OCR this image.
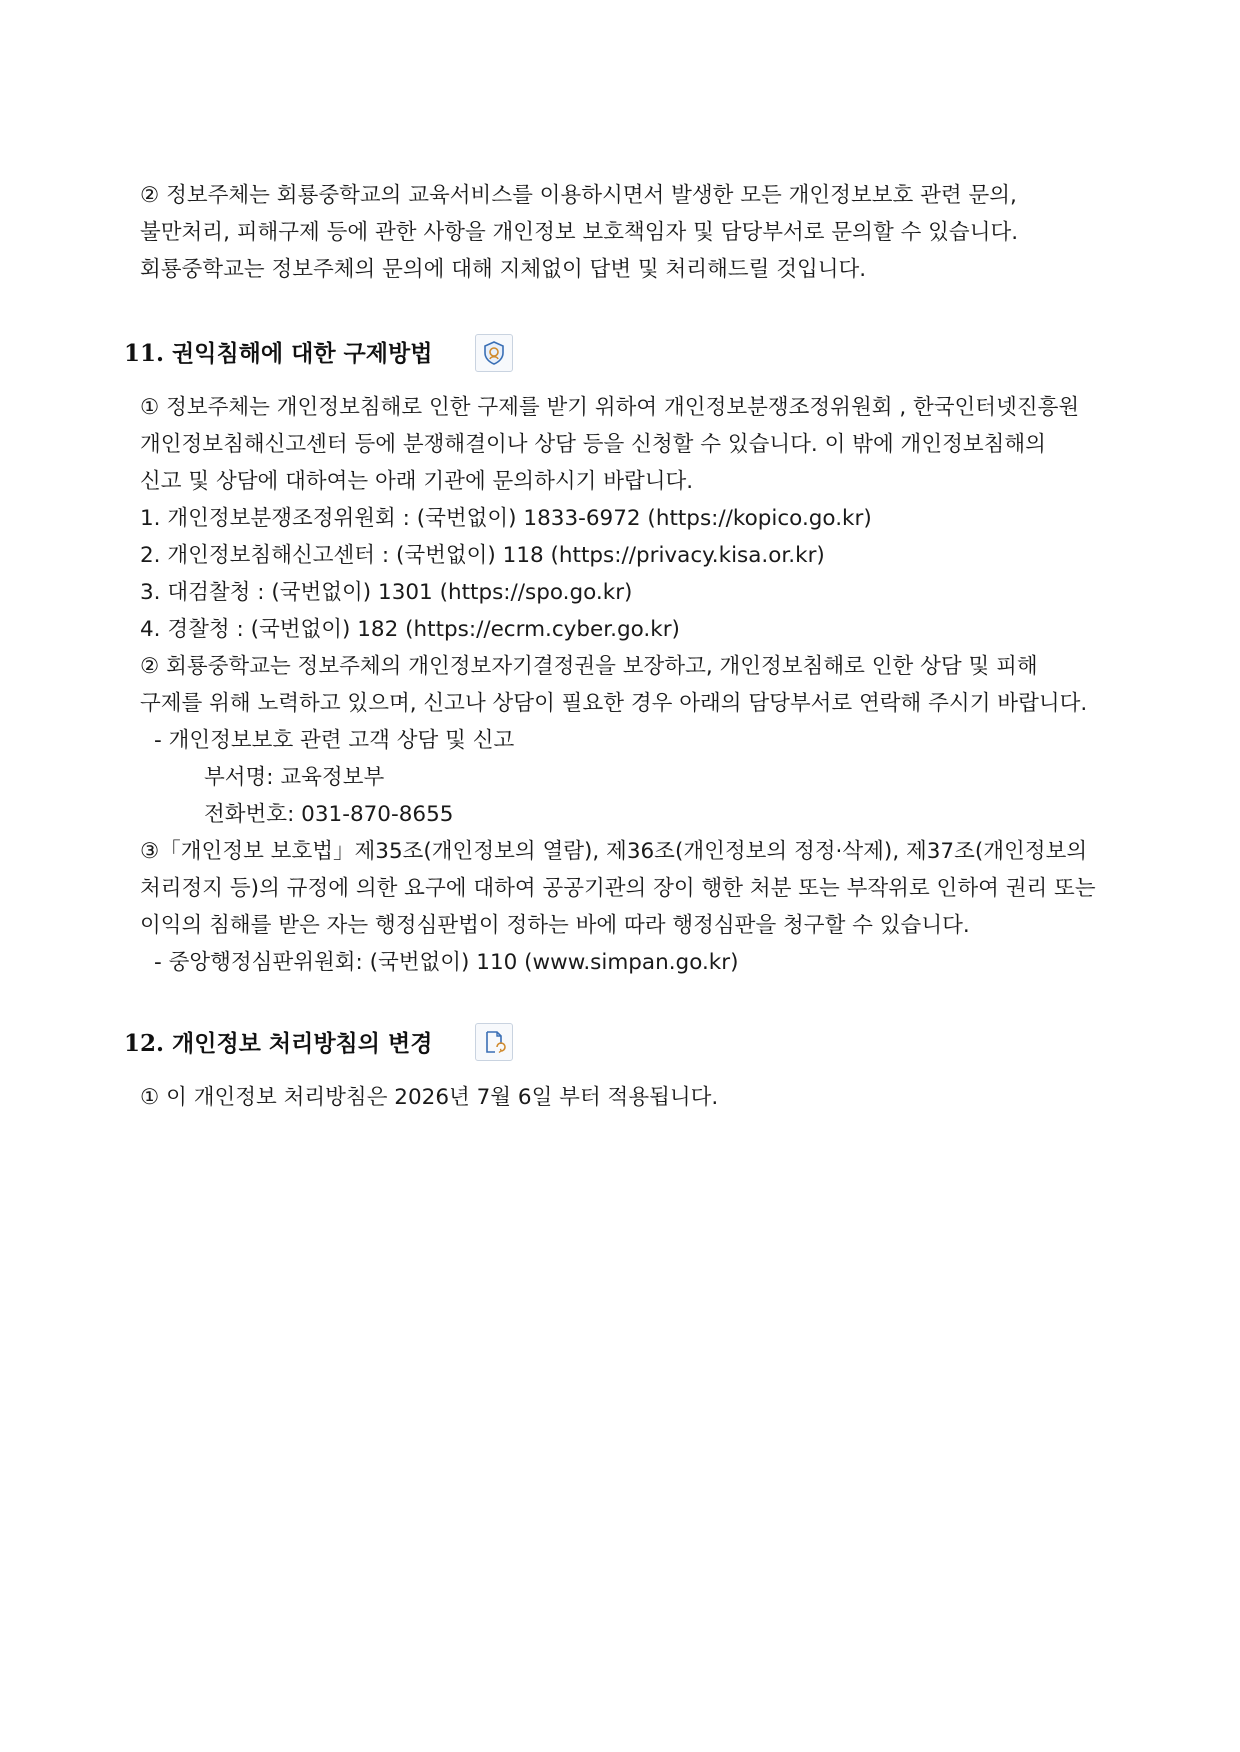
② 정보주체는 회룡중학교의 교육서비스를 이용하시면서 발생한 모든 개인정보보호 관련 문의,

불만처리, 피해구제 등에 관한 사항을 개인정보 보호책임자 및 담당부서로 문의할 수 있습니다.

회룡중학교는 정보주체의 문의에 대해 지체없이 답변 및 처리해드릴 것입니다.

11. 권익침해에 대한 구제방법

① 정보주체는 개인정보침해로 인한 구제를 받기 위하여 개인정보분쟁조정위원회 , 한국인터넷진흥원

개인정보침해신고센터 등에 분쟁해결이나 상담 등을 신청할 수 있습니다. 이 밖에 개인정보침해의

신고 및 상담에 대하여는 아래 기관에 문의하시기 바랍니다.

1. 개인정보분쟁조정위원회 : (국번없이) 1833-6972 (https://kopico.go.kr)

2. 개인정보침해신고센터 : (국번없이) 118 (https://privacy.kisa.or.kr)

3. 대검찰청 : (국번없이) 1301 (https://spo.go.kr)

4. 경찰청 : (국번없이) 182 (https://ecrm.cyber.go.kr)

② 회룡중학교는 정보주체의 개인정보자기결정권을 보장하고, 개인정보침해로 인한 상담 및 피해

구제를 위해 노력하고 있으며, 신고나 상담이 필요한 경우 아래의 담당부서로 연락해 주시기 바랍니다.

- 개인정보보호 관련 고객 상담 및 신고

부서명: 교육정보부

전화번호: 031-870-8655

③「개인정보 보호법」제35조(개인정보의 열람), 제36조(개인정보의 정정·삭제), 제37조(개인정보의

처리정지 등)의 규정에 의한 요구에 대하여 공공기관의 장이 행한 처분 또는 부작위로 인하여 권리 또는

이익의 침해를 받은 자는 행정심판법이 정하는 바에 따라 행정심판을 청구할 수 있습니다.

- 중앙행정심판위원회: (국번없이) 110 (www.simpan.go.kr)

12. 개인정보 처리방침의 변경

① 이 개인정보 처리방침은 2026년 7월 6일 부터 적용됩니다.
